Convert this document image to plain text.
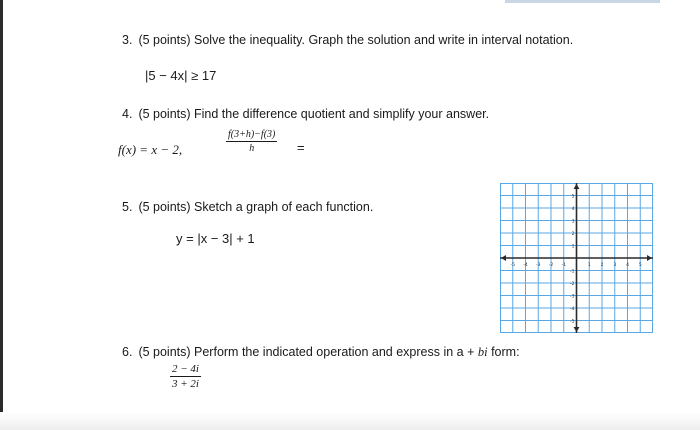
3. (5 points) Solve the inequality. Graph the solution and write in interval notation.
|5 − 4x| ≥ 17
4. (5 points) Find the difference quotient and simplify your answer.
f(x) = x − 2,	$\frac{f(3+h)-f(3)}{h}$ =
5. (5 points) Sketch a graph of each function.
y = |x − 3| + 1
-5 -4 -3 -2 -1	1 2 3 4 5
5
4
3
2
1
-1
-2
-3
-4
-5
6. (5 points) Perform the indicated operation and express in a + bi form:
$\frac{2 - 4i}{3 + 2i}$
